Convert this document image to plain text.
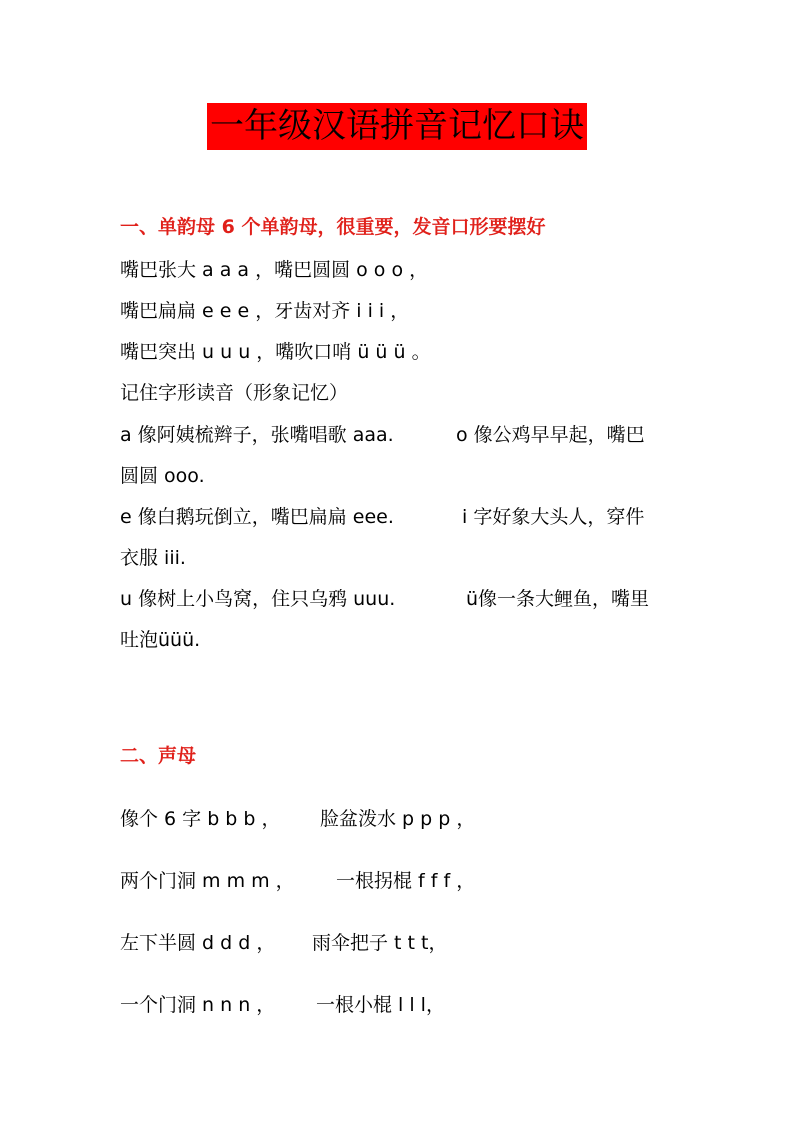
一年级汉语拼音记忆口诀
一、单韵母 6 个单韵母，很重要，发音口形要摆好
嘴巴张大 a a a ，嘴巴圆圆 o o o ，
嘴巴扁扁 e e e ，牙齿对齐 i i i ，
嘴巴突出 u u u ，嘴吹口哨 ü ü ü 。
记住字形读音（形象记忆）
a 像阿姨梳辫子，张嘴唱歌 aaa.	o 像公鸡早早起，嘴巴
圆圆 ooo.
e 像白鹅玩倒立，嘴巴扁扁 eee.	i 字好象大头人，穿件
衣服 iii.
u 像树上小鸟窝，住只乌鸦 uuu.	ü像一条大鲤鱼，嘴里
吐泡üüü.
二、声母
像个 6 字 b b b ， 脸盆泼水 p p p ，
两个门洞 m m m ， 一根拐棍 f f f ，
左下半圆 d d d ， 雨伞把子 t t t，
一个门洞 n n n ， 一根小棍 l l l，
